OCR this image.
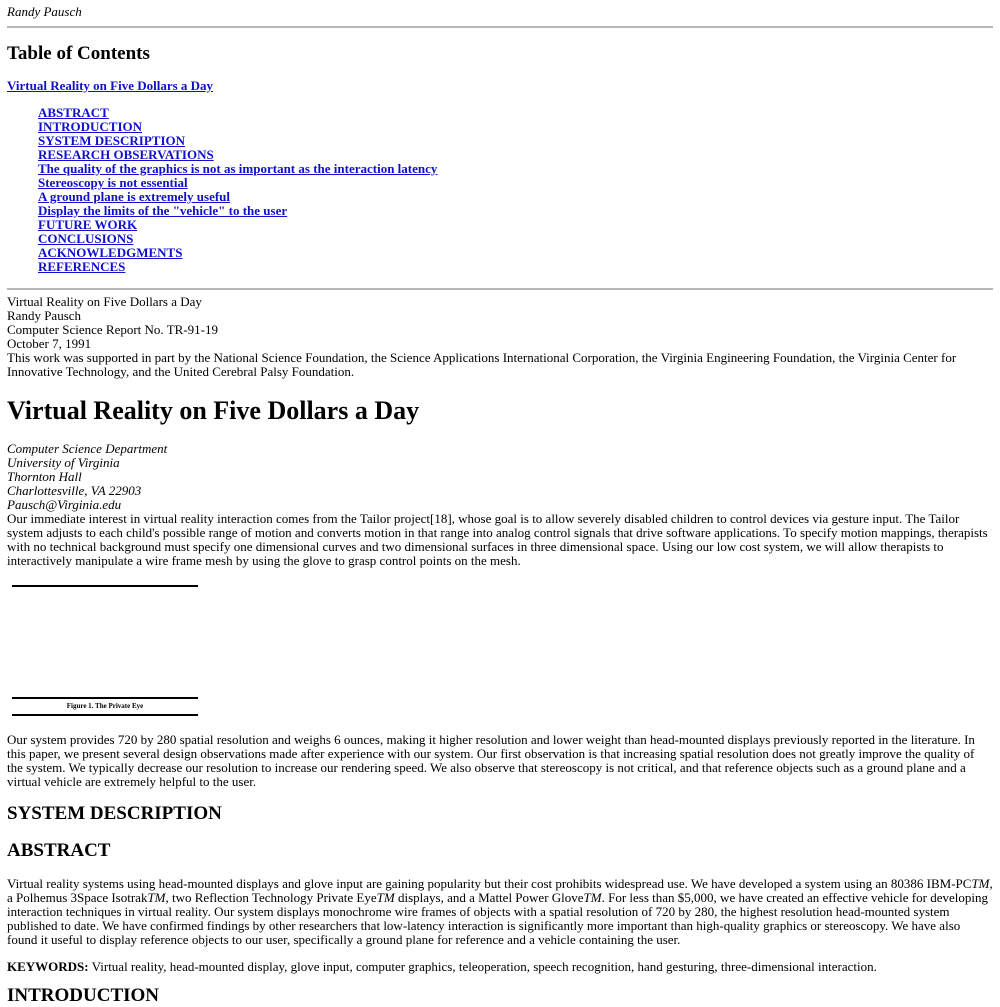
Randy Pausch
Table of Contents
Virtual Reality on Five Dollars a Day
ABSTRACT
INTRODUCTION
SYSTEM DESCRIPTION
RESEARCH OBSERVATIONS
The quality of the graphics is not as important as the interaction latency
Stereoscopy is not essential
A ground plane is extremely useful
Display the limits of the "vehicle" to the user
FUTURE WORK
CONCLUSIONS
ACKNOWLEDGMENTS
REFERENCES
Virtual Reality on Five Dollars a Day
Randy Pausch
Computer Science Report No. TR-91-19
October 7, 1991
This work was supported in part by the National Science Foundation, the Science Applications International Corporation, the Virginia Engineering Foundation, the Virginia Center for Innovative Technology, and the United Cerebral Palsy Foundation.
Virtual Reality on Five Dollars a Day
Computer Science Department
University of Virginia
Thornton Hall
Charlottesville, VA 22903
Pausch@Virginia.edu

Our immediate interest in virtual reality interaction comes from the Tailor project[18], whose goal is to allow severely disabled children to control devices via gesture input. The Tailor system adjusts to each child's possible range of motion and converts motion in that range into analog control signals that drive software applications. To specify motion mappings, therapists with no technical background must specify one dimensional curves and two dimensional surfaces in three dimensional space. Using our low cost system, we will allow therapists to interactively manipulate a wire frame mesh by using the glove to grasp control points on the mesh.

Figure 1. The Private Eye

Our system provides 720 by 280 spatial resolution and weighs 6 ounces, making it higher resolution and lower weight than head-mounted displays previously reported in the literature. In this paper, we present several design observations made after experience with our system. Our first observation is that increasing spatial resolution does not greatly improve the quality of the system. We typically decrease our resolution to increase our rendering speed. We also observe that stereoscopy is not critical, and that reference objects such as a ground plane and a virtual vehicle are extremely helpful to the user.

SYSTEM DESCRIPTION
ABSTRACT

Virtual reality systems using head-mounted displays and glove input are gaining popularity but their cost prohibits widespread use. We have developed a system using an 80386 IBM-PCTM, a Polhemus 3Space IsotrakTM, two Reflection Technology Private EyeTM displays, and a Mattel Power GloveTM. For less than $5,000, we have created an effective vehicle for developing interaction techniques in virtual reality. Our system displays monochrome wire frames of objects with a spatial resolution of 720 by 280, the highest resolution head-mounted system published to date. We have confirmed findings by other researchers that low-latency interaction is significantly more important than high-quality graphics or stereoscopy. We have also found it useful to display reference objects to our user, specifically a ground plane for reference and a vehicle containing the user.

KEYWORDS: Virtual reality, head-mounted display, glove input, computer graphics, teleoperation, speech recognition, hand gesturing, three-dimensional interaction.
INTRODUCTION
